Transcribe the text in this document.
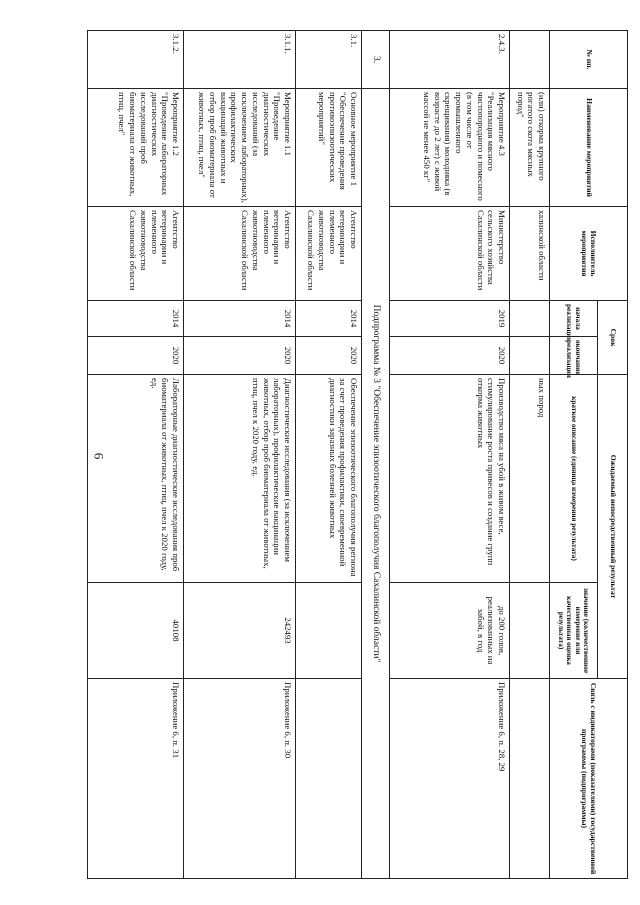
6
№ пп.	Наименование мероприятий	Исполнитель мероприятия	Срок		Ожидаемый непосредственный результат		Связь с индикаторами (показателями) государственной программы (подпрограммы)
			начала реализации	окончания реализации	краткое описание (единица измерения результата)	значение (количественное измерение или качественная оценка результата)	
	(или) откорма крупного рогатого скота мясных пород"	халинской области			ных пород		
2.4.3.	Мероприятие 4.3 "Реализация мясного чистопородного и помесного (в том числе от промышленного скрещивания) молодняка (в возрасте до 2 лет) с живой массой не менее 450 кг"	Министерство сельского хозяйства Сахалинской области	2019	2020	Производство мяса на убой в живом весе, стимулирование роста привесов и создание групп откорма животных	до 200 голов, реализованных на забой, в год	Приложение 6, п. 28, 29
3.	Подпрограмма № 3 "Обеспечение эпизоотического благополучия Сахалинской области"						
3.1.	Основное мероприятие 1 "Обеспечение проведения противоэпизоотических мероприятий"	Агентство ветеринарии и племенного животноводства Сахалинской области	2014	2020	Обеспечение эпизоотического благополучия региона за счет проведения профилактики, своевременной диагностики заразных болезней животных		
3.1.1.	Мероприятие 1.1 "Проведение диагностических исследований (за исключением лабораторных), профилактических вакцинаций животных и отбор проб биоматериала от животных, птиц, пчел"	Агентство ветеринарии и племенного животноводства Сахалинской области	2014	2020	Диагностические исследования (за исключением лабораторных), профилактические вакцинации животных, отбор проб биоматериала от животных, птиц, пчел к 2020 году, ед.	242493	Приложение 6, п. 30
3.1.2.	Мероприятие 1.2 "Проведение лабораторных диагностических исследований проб биоматериала от животных, птиц, пчел"	Агентство ветеринарии и племенного животноводства Сахалинской области	2014	2020	Лабораторные диагностические исследования проб биоматериала от животных, птиц, пчел к 2020 году, ед.	40108	Приложение 6, п. 31
